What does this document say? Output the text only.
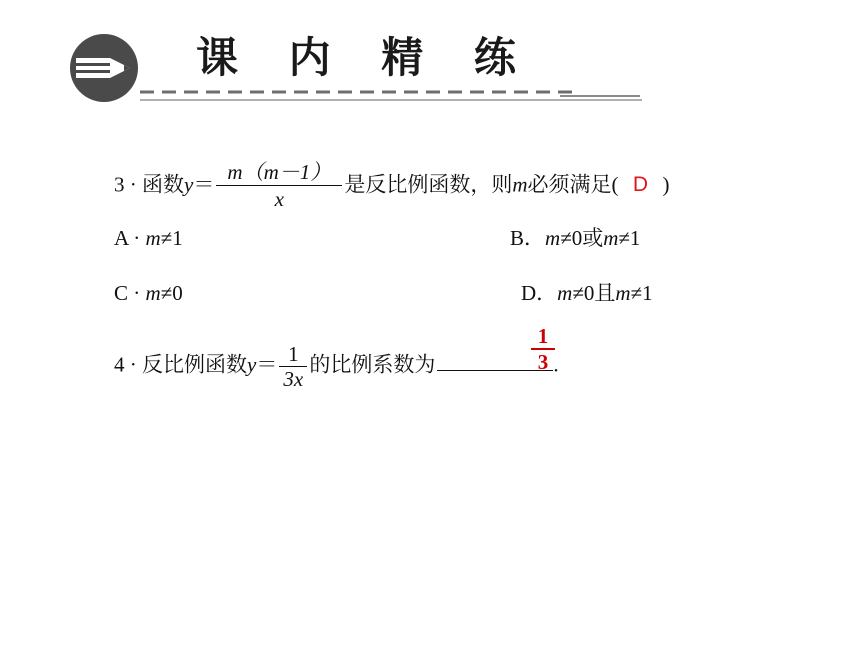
课 内 精 练
3 · 函数$y= \frac{m(m-1)}{x}$ 是反比例函数，则m必须满足( D )
A · m≠1	B．m≠0或m≠1
C · m≠0	D．m≠0且m≠1
4 · 反比例函数$y= \frac{1}{3x}$ 的比例系数为	.
1
3
